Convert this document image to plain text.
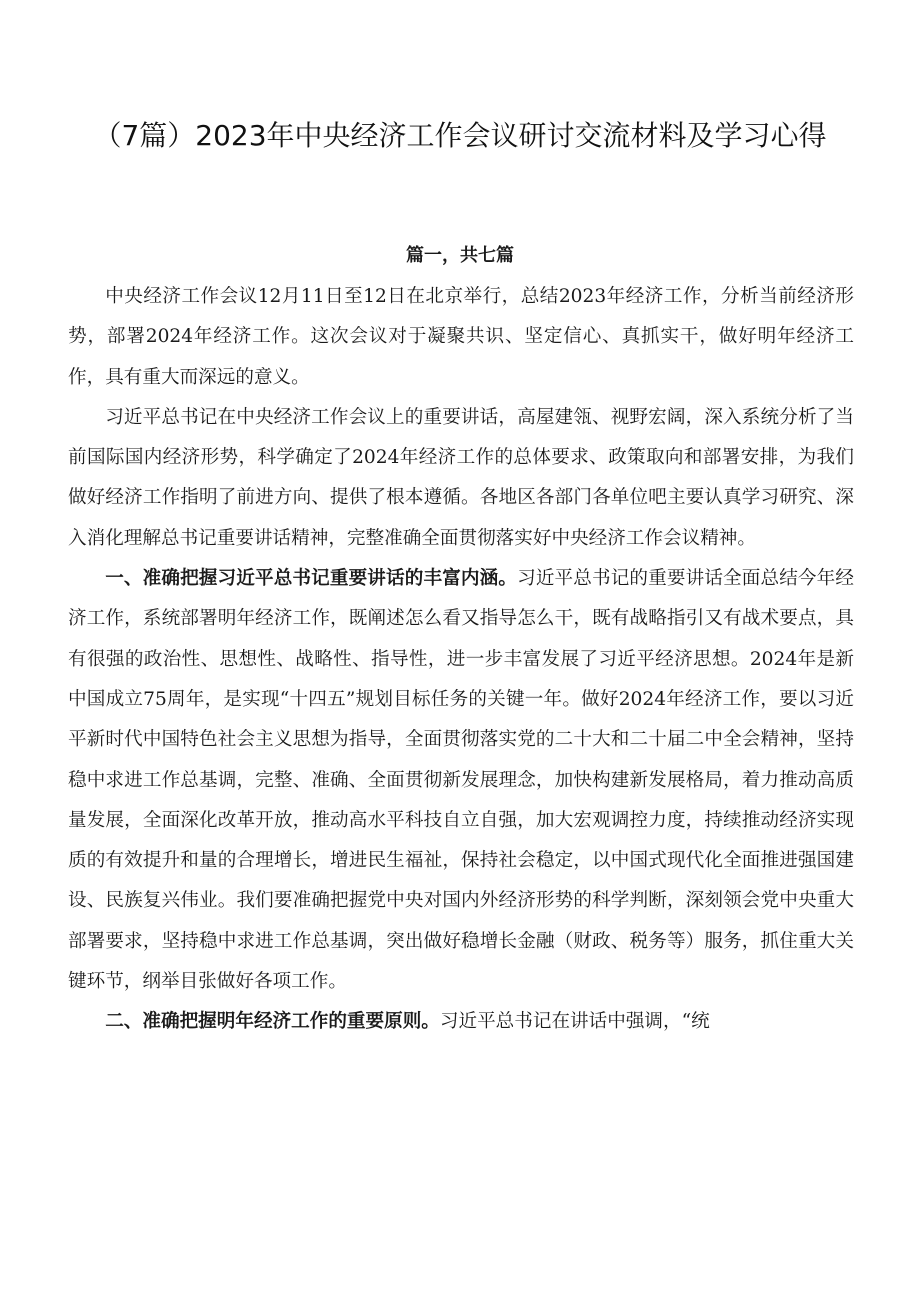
（7篇）2023年中央经济工作会议研讨交流材料及学习心得
篇一，共七篇

中央经济工作会议12月11日至12日在北京举行，总结2023年经济工作，分析当前经济形势，部署2024年经济工作。这次会议对于凝聚共识、坚定信心、真抓实干，做好明年经济工作，具有重大而深远的意义。

习近平总书记在中央经济工作会议上的重要讲话，高屋建瓴、视野宏阔，深入系统分析了当前国际国内经济形势，科学确定了2024年经济工作的总体要求、政策取向和部署安排，为我们做好经济工作指明了前进方向、提供了根本遵循。各地区各部门各单位吧主要认真学习研究、深入消化理解总书记重要讲话精神，完整准确全面贯彻落实好中央经济工作会议精神。

一、准确把握习近平总书记重要讲话的丰富内涵。习近平总书记的重要讲话全面总结今年经济工作，系统部署明年经济工作，既阐述怎么看又指导怎么干，既有战略指引又有战术要点，具有很强的政治性、思想性、战略性、指导性，进一步丰富发展了习近平经济思想。2024年是新中国成立75周年，是实现“十四五”规划目标任务的关键一年。做好2024年经济工作，要以习近平新时代中国特色社会主义思想为指导，全面贯彻落实党的二十大和二十届二中全会精神，坚持稳中求进工作总基调，完整、准确、全面贯彻新发展理念，加快构建新发展格局，着力推动高质量发展，全面深化改革开放，推动高水平科技自立自强，加大宏观调控力度，持续推动经济实现质的有效提升和量的合理增长，增进民生福祉，保持社会稳定，以中国式现代化全面推进强国建设、民族复兴伟业。我们要准确把握党中央对国内外经济形势的科学判断，深刻领会党中央重大部署要求，坚持稳中求进工作总基调，突出做好稳增长金融（财政、税务等）服务，抓住重大关键环节，纲举目张做好各项工作。

二、准确把握明年经济工作的重要原则。习近平总书记在讲话中强调，“统
